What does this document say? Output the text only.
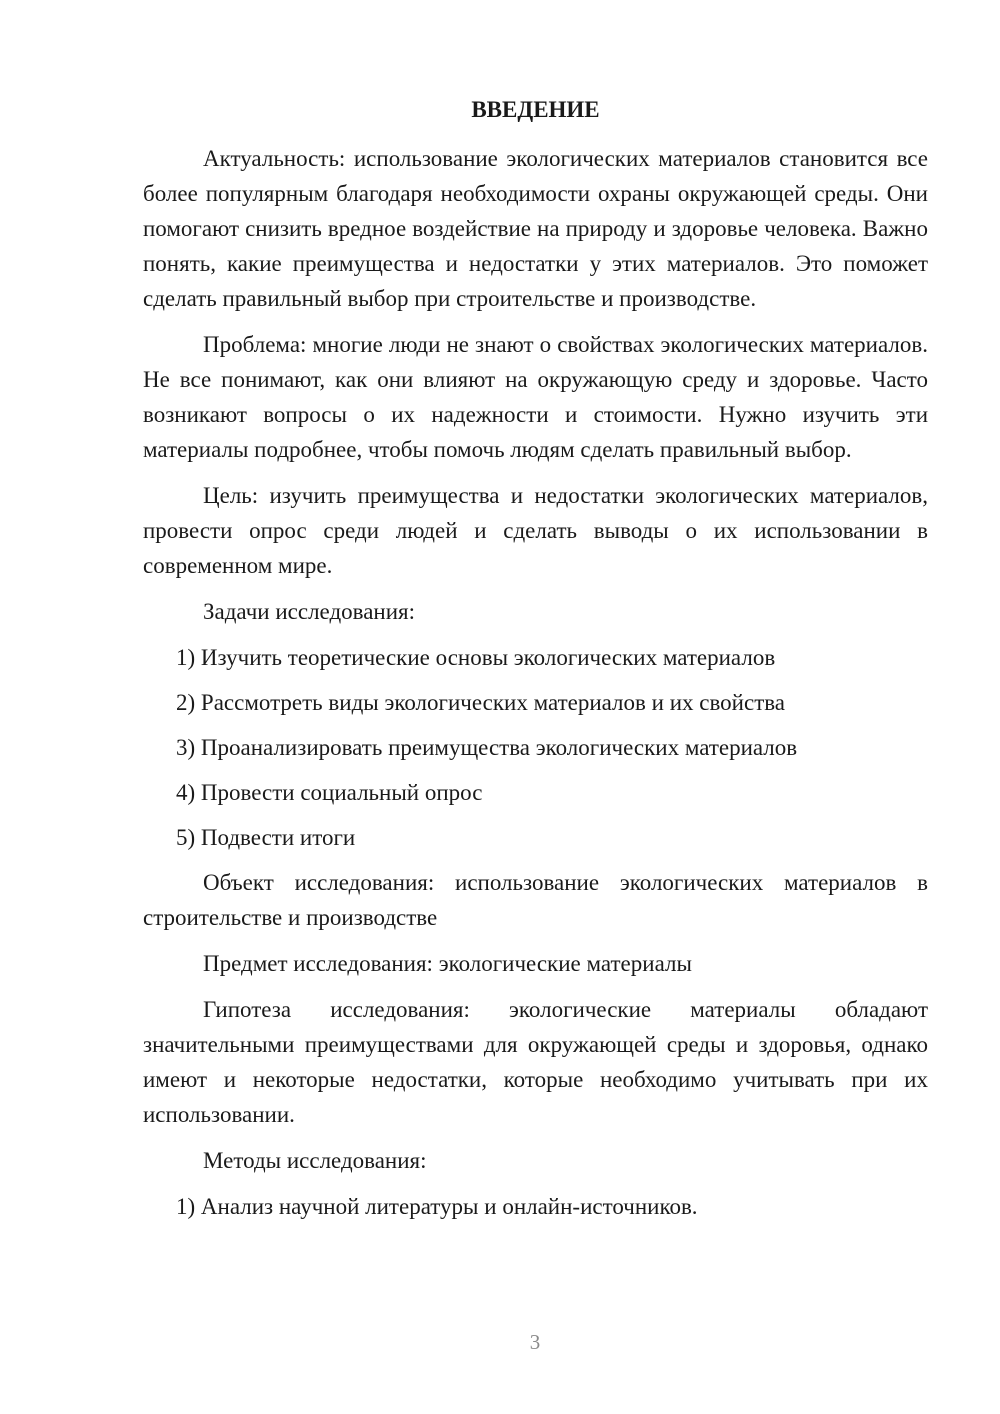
ВВЕДЕНИЕ

Актуальность: использование экологических материалов становится все более популярным благодаря необходимости охраны окружающей среды. Они помогают снизить вредное воздействие на природу и здоровье человека. Важно понять, какие преимущества и недостатки у этих материалов. Это поможет сделать правильный выбор при строительстве и производстве.

Проблема: многие люди не знают о свойствах экологических материалов. Не все понимают, как они влияют на окружающую среду и здоровье. Часто возникают вопросы о их надежности и стоимости. Нужно изучить эти материалы подробнее, чтобы помочь людям сделать правильный выбор.

Цель: изучить преимущества и недостатки экологических материалов, провести опрос среди людей и сделать выводы о их использовании в современном мире.

Задачи исследования:

1) Изучить теоретические основы экологических материалов

2) Рассмотреть виды экологических материалов и их свойства

3) Проанализировать преимущества экологических материалов

4) Провести социальный опрос

5) Подвести итоги

Объект исследования: использование экологических материалов в строительстве и производстве

Предмет исследования: экологические материалы

Гипотеза исследования: экологические материалы обладают значительными преимуществами для окружающей среды и здоровья, однако имеют и некоторые недостатки, которые необходимо учитывать при их использовании.

Методы исследования:

1) Анализ научной литературы и онлайн-источников.

3
